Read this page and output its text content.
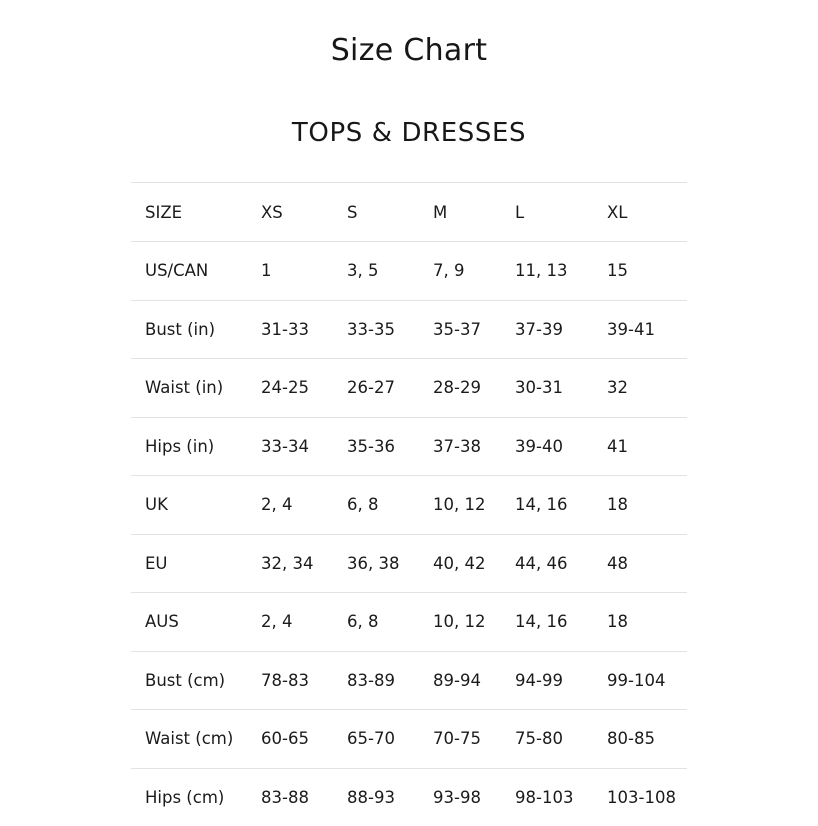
Size Chart
TOPS & DRESSES
SIZE	XS	S	M	L	XL
US/CAN	1	3, 5	7, 9	11, 13	15
Bust (in)	31-33	33-35	35-37	37-39	39-41
Waist (in)	24-25	26-27	28-29	30-31	32
Hips (in)	33-34	35-36	37-38	39-40	41
UK	2, 4	6, 8	10, 12	14, 16	18
EU	32, 34	36, 38	40, 42	44, 46	48
AUS	2, 4	6, 8	10, 12	14, 16	18
Bust (cm)	78-83	83-89	89-94	94-99	99-104
Waist (cm)	60-65	65-70	70-75	75-80	80-85
Hips (cm)	83-88	88-93	93-98	98-103	103-108
